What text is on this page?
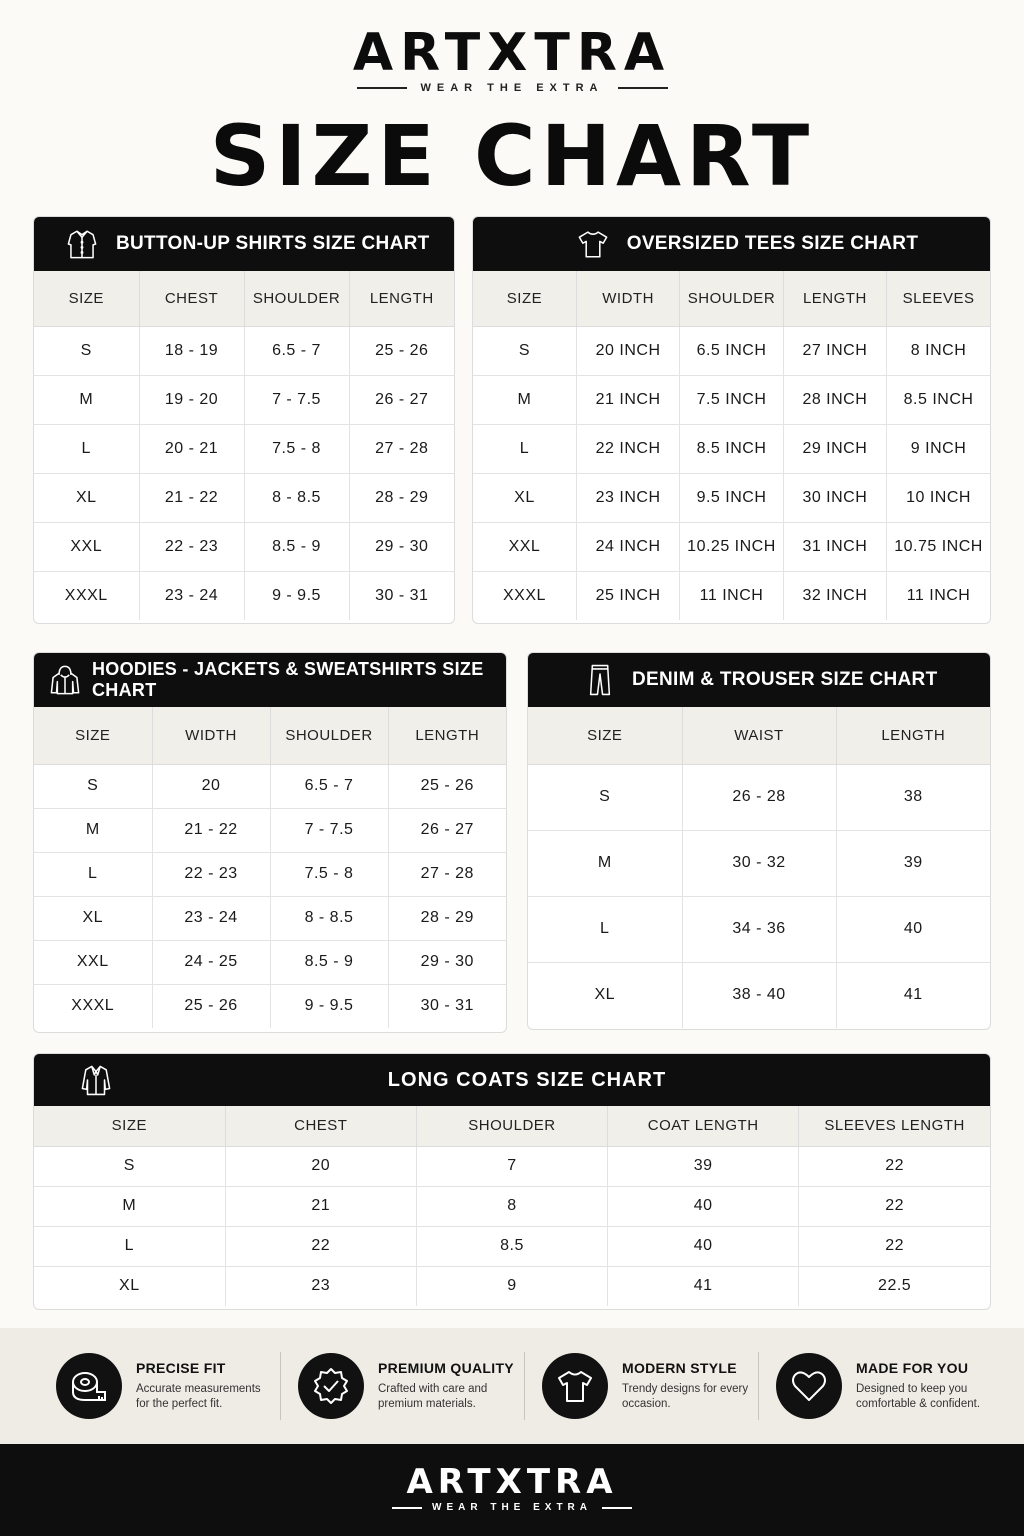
ARTXTRA
WEAR THE EXTRA
SIZE CHART
BUTTON-UP SHIRTS SIZE CHART
SIZE	CHEST	SHOULDER	LENGTH
S	18 - 19	6.5 - 7	25 - 26
M	19 - 20	7 - 7.5	26 - 27
L	20 - 21	7.5 - 8	27 - 28
XL	21 - 22	8 - 8.5	28 - 29
XXL	22 - 23	8.5 - 9	29 - 30
XXXL	23 - 24	9 - 9.5	30 - 31
OVERSIZED TEES SIZE CHART
SIZE	WIDTH	SHOULDER	LENGTH	SLEEVES
S	20 INCH	6.5 INCH	27 INCH	8 INCH
M	21 INCH	7.5 INCH	28 INCH	8.5 INCH
L	22 INCH	8.5 INCH	29 INCH	9 INCH
XL	23 INCH	9.5 INCH	30 INCH	10 INCH
XXL	24 INCH	10.25 INCH	31 INCH	10.75 INCH
XXXL	25 INCH	11 INCH	32 INCH	11 INCH
HOODIES - JACKETS & SWEATSHIRTS SIZE CHART
SIZE	WIDTH	SHOULDER	LENGTH
S	20	6.5 - 7	25 - 26
M	21 - 22	7 - 7.5	26 - 27
L	22 - 23	7.5 - 8	27 - 28
XL	23 - 24	8 - 8.5	28 - 29
XXL	24 - 25	8.5 - 9	29 - 30
XXXL	25 - 26	9 - 9.5	30 - 31
DENIM & TROUSER SIZE CHART
SIZE	WAIST	LENGTH
S	26 - 28	38
M	30 - 32	39
L	34 - 36	40
XL	38 - 40	41
LONG COATS SIZE CHART
SIZE	CHEST	SHOULDER	COAT LENGTH	SLEEVES LENGTH
S	20	7	39	22
M	21	8	40	22
L	22	8.5	40	22
XL	23	9	41	22.5
PRECISE FIT
Accurate measurements for the perfect fit.
PREMIUM QUALITY
Crafted with care and premium materials.
MODERN STYLE
Trendy designs for every occasion.
MADE FOR YOU
Designed to keep you comfortable & confident.
ARTXTRA
WEAR THE EXTRA
